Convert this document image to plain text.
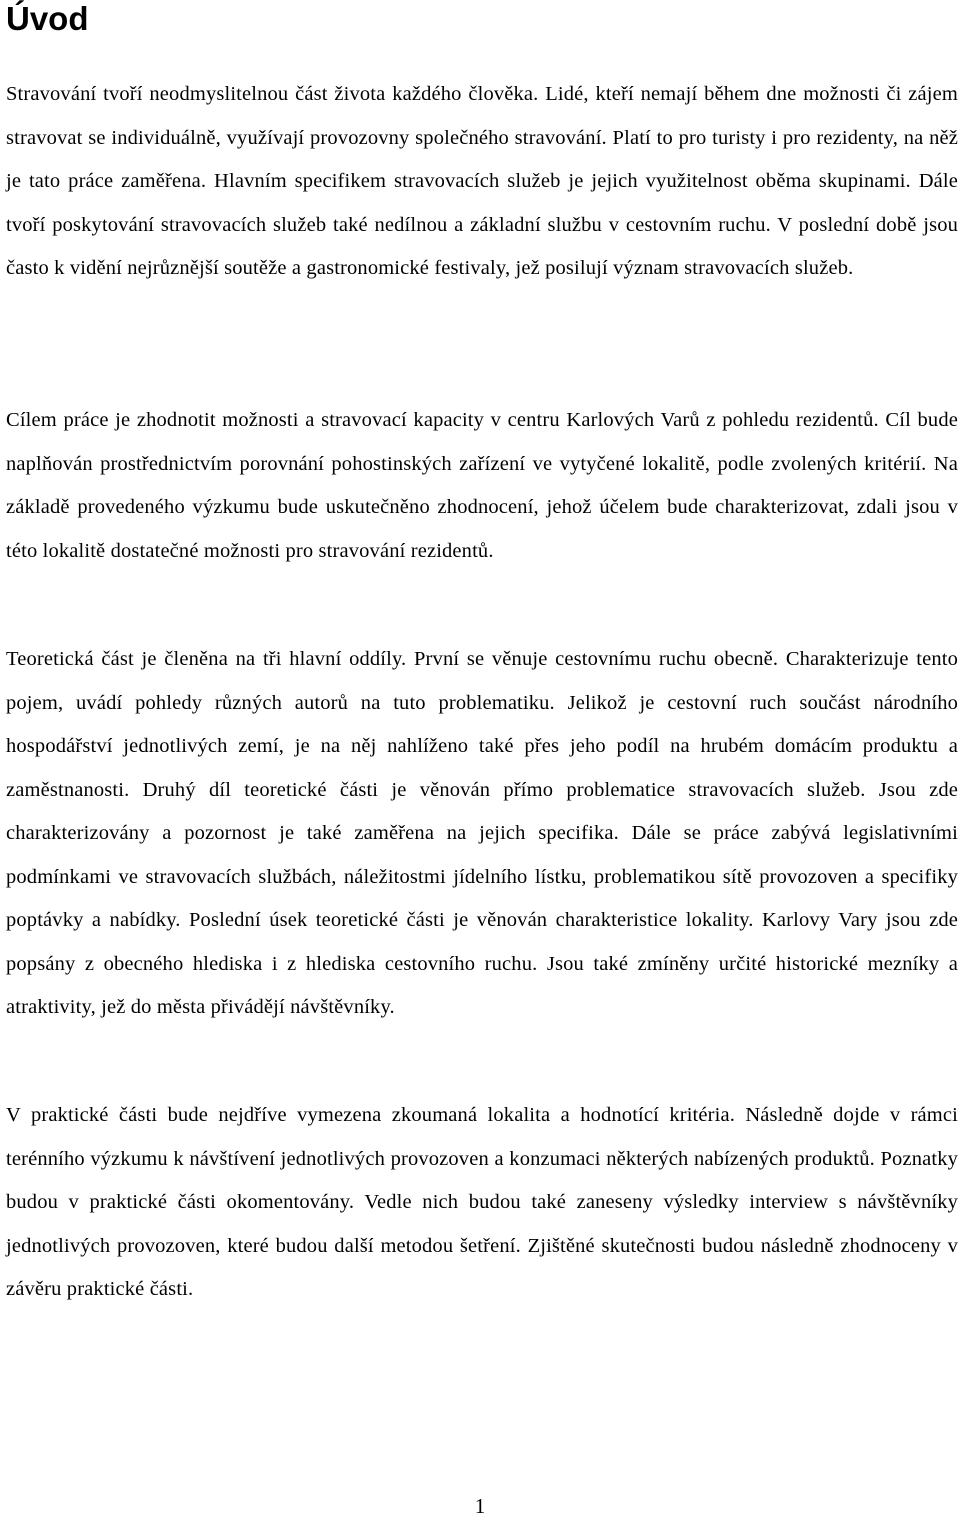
Úvod

Stravování tvoří neodmyslitelnou část života každého člověka. Lidé, kteří nemají během dne možnosti či zájem stravovat se individuálně, využívají provozovny společného stravování. Platí to pro turisty i pro rezidenty, na něž je tato práce zaměřena. Hlavním specifikem stravovacích služeb je jejich využitelnost oběma skupinami. Dále tvoří poskytování stravovacích služeb také nedílnou a základní službu v cestovním ruchu. V poslední době jsou často k vidění nejrůznější soutěže a gastronomické festivaly, jež posilují význam stravovacích služeb.

Cílem práce je zhodnotit možnosti a stravovací kapacity v centru Karlových Varů z pohledu rezidentů. Cíl bude naplňován prostřednictvím porovnání pohostinských zařízení ve vytyčené lokalitě, podle zvolených kritérií. Na základě provedeného výzkumu bude uskutečněno zhodnocení, jehož účelem bude charakterizovat, zdali jsou v této lokalitě dostatečné možnosti pro stravování rezidentů.

Teoretická část je členěna na tři hlavní oddíly. První se věnuje cestovnímu ruchu obecně. Charakterizuje tento pojem, uvádí pohledy různých autorů na tuto problematiku. Jelikož je cestovní ruch součást národního hospodářství jednotlivých zemí, je na něj nahlíženo také přes jeho podíl na hrubém domácím produktu a zaměstnanosti. Druhý díl teoretické části je věnován přímo problematice stravovacích služeb. Jsou zde charakterizovány a pozornost je také zaměřena na jejich specifika. Dále se práce zabývá legislativními podmínkami ve stravovacích službách, náležitostmi jídelního lístku, problematikou sítě provozoven a specifiky poptávky a nabídky. Poslední úsek teoretické části je věnován charakteristice lokality. Karlovy Vary jsou zde popsány z obecného hlediska i z hlediska cestovního ruchu. Jsou také zmíněny určité historické mezníky a atraktivity, jež do města přivádějí návštěvníky.

V praktické části bude nejdříve vymezena zkoumaná lokalita a hodnotící kritéria. Následně dojde v rámci terénního výzkumu k návštívení jednotlivých provozoven a konzumaci některých nabízených produktů. Poznatky budou v praktické části okomentovány. Vedle nich budou také zaneseny výsledky interview s návštěvníky jednotlivých provozoven, které budou další metodou šetření. Zjištěné skutečnosti budou následně zhodnoceny v závěru praktické části.

1
